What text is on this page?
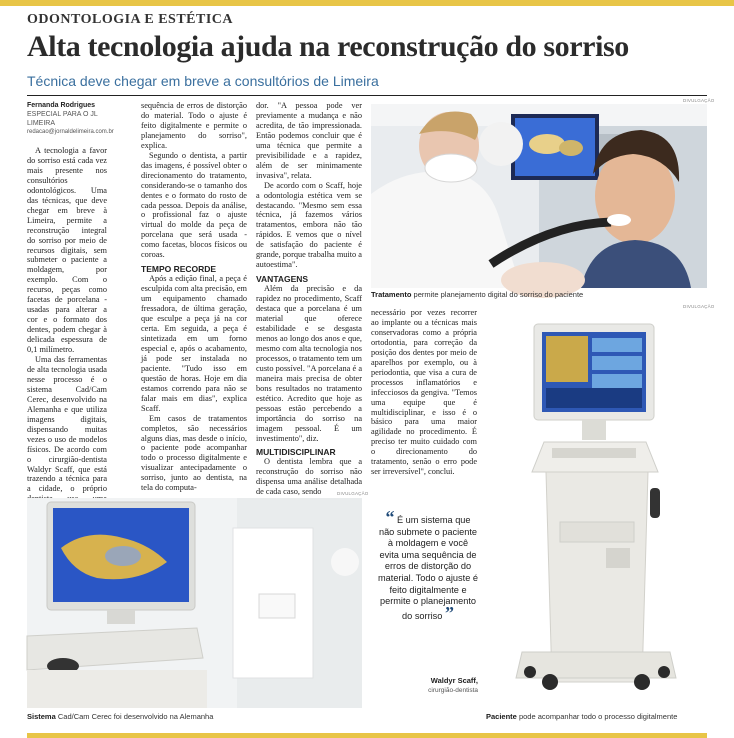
ODONTOLOGIA E ESTÉTICA
Alta tecnologia ajuda na reconstrução do sorriso
Técnica deve chegar em breve a consultórios de Limeira
Fernanda Rodrigues
ESPECIAL PARA O JL
LIMEIRA
redacao@jornaldelimeira.com.br

A tecnologia a favor do sorriso está cada vez mais presente nos consultórios odontológicos. Uma das técnicas, que deve chegar em breve à Limeira, permite a reconstrução integral do sorriso por meio de recursos digitais, sem submeter o paciente a moldagem, por exemplo. Com o recurso, peças como facetas de porcelana - usadas para alterar a cor e o formato dos dentes, podem chegar à delicada espessura de 0,1 milímetro.

Uma das ferramentas de alta tecnologia usada nesse processo é o sistema Cad/Cam Cerec, desenvolvido na Alemanha e que utiliza imagens digitais, dispensando muitas vezes o uso de modelos físicos. De acordo com o cirurgião-dentista Waldyr Scaff, que está trazendo a técnica para a cidade, o próprio

sequência de erros de distorção do material. Todo o ajuste é feito digitalmente e permite o planejamento do sorriso", explica.

Segundo o dentista, a partir das imagens, é possível obter o direcionamento do tratamento, considerando-se o tamanho dos dentes e o formato do rosto de cada pessoa. Depois da análise, o profissional faz o ajuste virtual do molde da peça de porcelana que será usada - como facetas, blocos físicos ou coroas.

TEMPO RECORDE

Após a edição final, a peça é esculpida com alta precisão, em um equipamento chamado fressadora, de última geração, que esculpe a peça já na cor certa. Em seguida, a peça é sintetizada em um forno especial e, após o acabamento, já pode ser instalada no paciente. "Tudo isso em questão de horas. Hoje em dia estamos correndo para não se falar mais em dias", explica Scaff.

Em casos de tratamentos completos, são necessários alguns dias, mas desde o início, o paciente pode acompanhar todo o processo digitalmente e visualizar antecipadamente o sorriso, junto ao dentista, na tela do computa-

dor. "A pessoa pode ver previamente a mudança e não acredita, de tão impressionada. Então podemos concluir que é uma técnica que permite a previsibilidade e a rapidez, além de ser minimamente invasiva", relata.

De acordo com o Scaff, hoje a odontologia estética vem se destacando. "Mesmo sem essa técnica, já fazemos vários tratamentos, embora não tão rápidos. E vemos que o nível de satisfação do paciente é grande, porque trabalha muito a autoestima".

VANTAGENS

Além da precisão e da rapidez no procedimento, Scaff destaca que a porcelana é um material que oferece estabilidade e se desgasta menos ao longo dos anos e que, mesmo com alta tecnologia nos processos, o tratamento tem um custo possível. "A porcelana é a maneira mais precisa de obter bons resultados no tratamento estético. Acredito que hoje as pessoas estão percebendo a importância do sorriso na imagem pessoal. É um investimento", diz.

MULTIDISCIPLINAR

O dentista lembra que a reconstrução do sorriso não dispensa uma análise detalhada de cada caso, sendo

necessário por vezes recorrer ao implante ou a técnicas mais conservadoras como a própria ortodontia, para correção da posição dos dentes por meio de aparelhos por exemplo, ou à periodontia, que visa a cura de processos inflamatórios e infecciosos da gengiva. "Temos uma equipe que é multidisciplinar, e isso é o básico para uma maior agilidade no procedimento. É preciso ter muito cuidado com o direcionamento do tratamento, senão o erro pode ser irreversível", conclui.

DIVULGAÇÃO
Tratamento permite planejamento digital do sorriso do paciente
DIVULGAÇÃO
Paciente pode acompanhar todo o processo digitalmente
“ É um sistema que não submete o paciente à moldagem e você evita uma sequência de erros de distorção do material. Todo o ajuste é feito digitalmente e permite o planejamento do sorriso ”
Waldyr Scaff,
cirurgião-dentista
DIVULGAÇÃO
Sistema Cad/Cam Cerec foi desenvolvido na Alemanha
